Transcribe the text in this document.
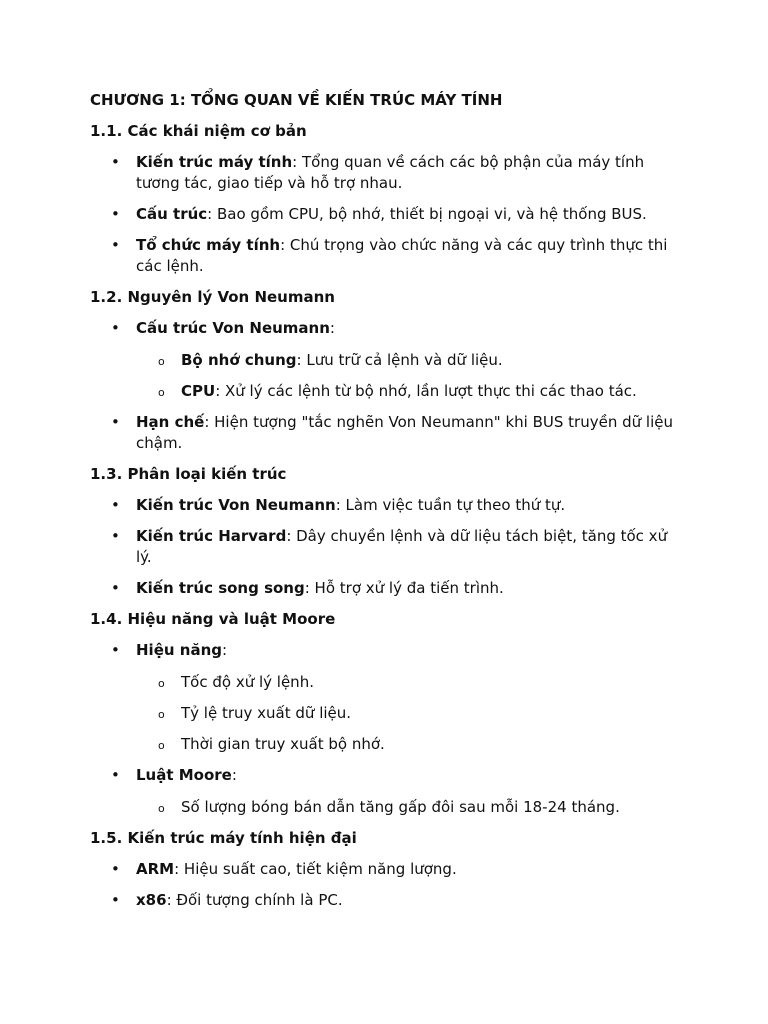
CHƯƠNG 1: TỔNG QUAN VỀ KIẾN TRÚC MÁY TÍNH
1.1. Các khái niệm cơ bản
• Kiến trúc máy tính: Tổng quan về cách các bộ phận của máy tính tương tác, giao tiếp và hỗ trợ nhau.
• Cấu trúc: Bao gồm CPU, bộ nhớ, thiết bị ngoại vi, và hệ thống BUS.
• Tổ chức máy tính: Chú trọng vào chức năng và các quy trình thực thi các lệnh.
1.2. Nguyên lý Von Neumann
• Cấu trúc Von Neumann:
o Bộ nhớ chung: Lưu trữ cả lệnh và dữ liệu.
o CPU: Xử lý các lệnh từ bộ nhớ, lần lượt thực thi các thao tác.
• Hạn chế: Hiện tượng "tắc nghẽn Von Neumann" khi BUS truyền dữ liệu chậm.
1.3. Phân loại kiến trúc
• Kiến trúc Von Neumann: Làm việc tuần tự theo thứ tự.
• Kiến trúc Harvard: Dây chuyền lệnh và dữ liệu tách biệt, tăng tốc xử lý.
• Kiến trúc song song: Hỗ trợ xử lý đa tiến trình.
1.4. Hiệu năng và luật Moore
• Hiệu năng:
o Tốc độ xử lý lệnh.
o Tỷ lệ truy xuất dữ liệu.
o Thời gian truy xuất bộ nhớ.
• Luật Moore:
o Số lượng bóng bán dẫn tăng gấp đôi sau mỗi 18-24 tháng.
1.5. Kiến trúc máy tính hiện đại
• ARM: Hiệu suất cao, tiết kiệm năng lượng.
• x86: Đối tượng chính là PC.
